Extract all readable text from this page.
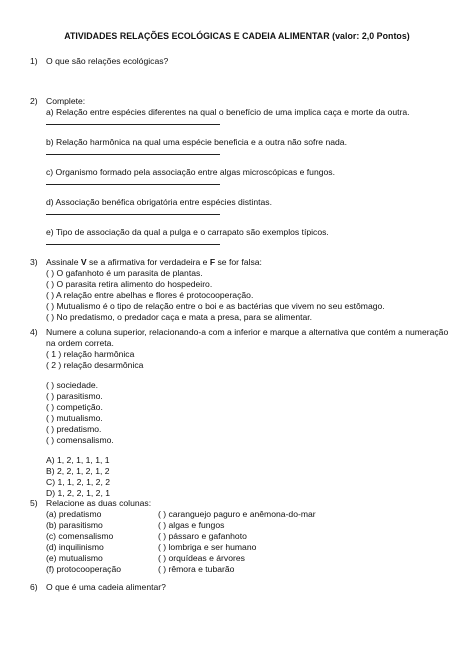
ATIVIDADES RELAÇÕES ECOLÓGICAS E CADEIA ALIMENTAR (valor: 2,0 Pontos)
1) O que são relações ecológicas?
2) Complete:
a) Relação entre espécies diferentes na qual o benefício de uma implica caça e morte da outra.
b) Relação harmônica na qual uma espécie beneficia e a outra não sofre nada.
c) Organismo formado pela associação entre algas microscópicas e fungos.
d) Associação benéfica obrigatória entre espécies distintas.
e) Tipo de associação da qual a pulga e o carrapato são exemplos típicos.
3) Assinale V se a afirmativa for verdadeira e F se for falsa:
( ) O gafanhoto é um parasita de plantas.
( ) O parasita retira alimento do hospedeiro.
( ) A relação entre abelhas e flores é protocooperação.
( ) Mutualismo é o tipo de relação entre o boi e as bactérias que vivem no seu estômago.
( ) No predatismo, o predador caça e mata a presa, para se alimentar.
4) Numere a coluna superior, relacionando-a com a inferior e marque a alternativa que contém a numeração na ordem correta.
( 1 ) relação harmônica
( 2 ) relação desarmônica
( ) sociedade.
( ) parasitismo.
( ) competição.
( ) mutualismo.
( ) predatismo.
( ) comensalismo.
A) 1, 2, 1, 1, 1, 1
B) 2, 2, 1, 2, 1, 2
C) 1, 1, 2, 1, 2, 2
D) 1, 2, 2, 1, 2, 1
5) Relacione as duas colunas:
(a) predatismo	( ) caranguejo paguro e anêmona-do-mar
(b) parasitismo	( ) algas e fungos
(c) comensalismo	( ) pássaro e gafanhoto
(d) inquilinismo	( ) lombriga e ser humano
(e) mutualismo	( ) orquídeas e árvores
(f) protocooperação	( ) rêmora e tubarão
6) O que é uma cadeia alimentar?
